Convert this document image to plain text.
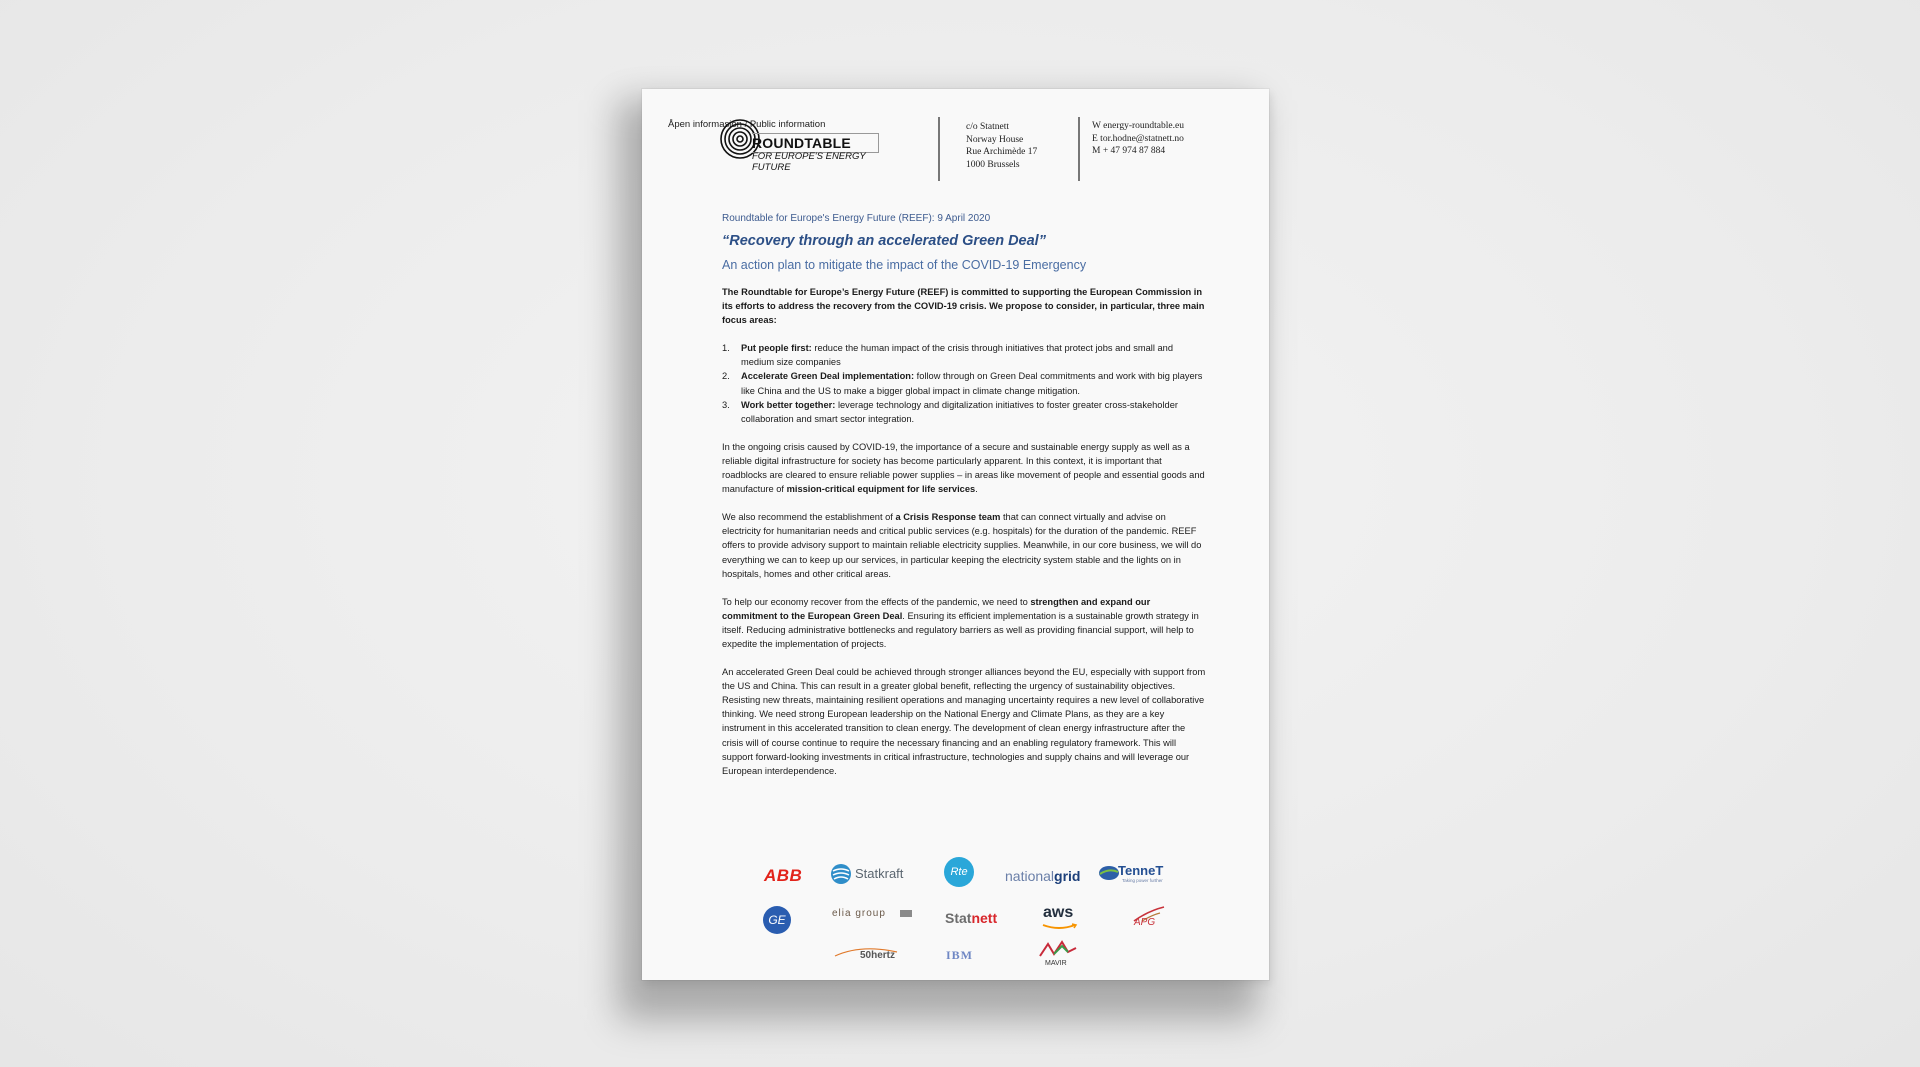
Åpen informasjon / Public information
ROUNDTABLE
FOR EUROPE'S ENERGY FUTURE
c/o Statnett
Norway House
Rue Archimède 17
1000 Brussels
W energy-roundtable.eu
E tor.hodne@statnett.no
M + 47 974 87 884
Roundtable for Europe's Energy Future (REEF): 9 April 2020
“Recovery through an accelerated Green Deal”
An action plan to mitigate the impact of the COVID-19 Emergency

The Roundtable for Europe’s Energy Future (REEF) is committed to supporting the European Commission in its efforts to address the recovery from the COVID-19 crisis. We propose to consider, in particular, three main focus areas:

1. Put people first: reduce the human impact of the crisis through initiatives that protect jobs and small and medium size companies
2. Accelerate Green Deal implementation: follow through on Green Deal commitments and work with big players like China and the US to make a bigger global impact in climate change mitigation.
3. Work better together: leverage technology and digitalization initiatives to foster greater cross-stakeholder collaboration and smart sector integration.

In the ongoing crisis caused by COVID-19, the importance of a secure and sustainable energy supply as well as a reliable digital infrastructure for society has become particularly apparent. In this context, it is important that roadblocks are cleared to ensure reliable power supplies – in areas like movement of people and essential goods and manufacture of mission-critical equipment for life services.

We also recommend the establishment of a Crisis Response team that can connect virtually and advise on electricity for humanitarian needs and critical public services (e.g. hospitals) for the duration of the pandemic. REEF offers to provide advisory support to maintain reliable electricity supplies. Meanwhile, in our core business, we will do everything we can to keep up our services, in particular keeping the electricity system stable and the lights on in hospitals, homes and other critical areas.

To help our economy recover from the effects of the pandemic, we need to strengthen and expand our commitment to the European Green Deal. Ensuring its efficient implementation is a sustainable growth strategy in itself. Reducing administrative bottlenecks and regulatory barriers as well as providing financial support, will help to expedite the implementation of projects.

An accelerated Green Deal could be achieved through stronger alliances beyond the EU, especially with support from the US and China. This can result in a greater global benefit, reflecting the urgency of sustainability objectives. Resisting new threats, maintaining resilient operations and managing uncertainty requires a new level of collaborative thinking. We need strong European leadership on the National Energy and Climate Plans, as they are a key instrument in this accelerated transition to clean energy. The development of clean energy infrastructure after the crisis will of course continue to require the necessary financing and an enabling regulatory framework. This will support forward-looking investments in critical infrastructure, technologies and supply chains and will leverage our European interdependence.

ABB	Statkraft	Rte	nationalgrid	TenneT
Taking power further
GE	elia group	Statnett	aws
APG
50hertz	IBM
MAVIR
